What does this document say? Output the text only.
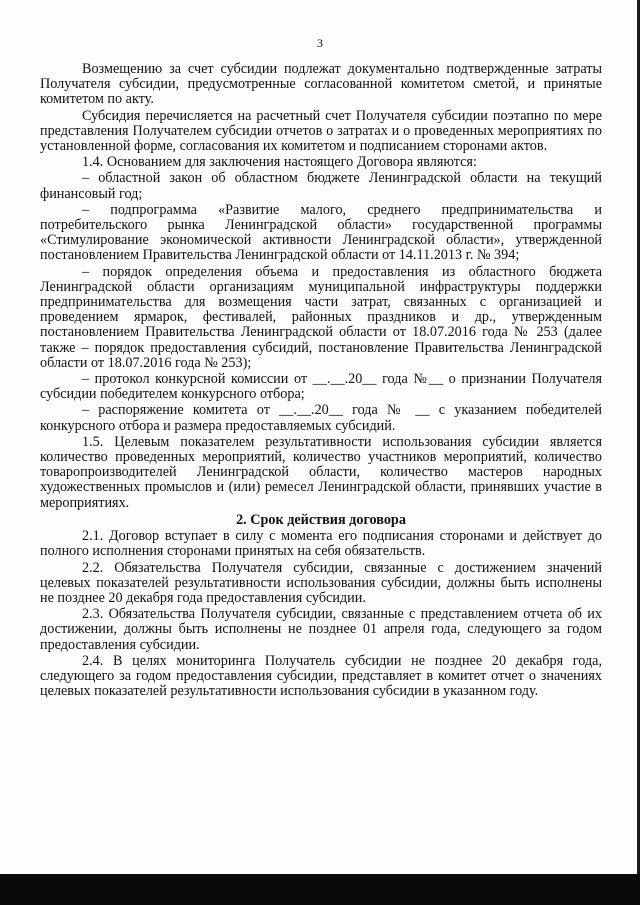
3

Возмещению за счет субсидии подлежат документально подтвержденные затраты Получателя субсидии, предусмотренные согласованной комитетом сметой, и принятые комитетом по акту.

Субсидия перечисляется на расчетный счет Получателя субсидии поэтапно по мере представления Получателем субсидии отчетов о затратах и о проведенных мероприятиях по установленной форме, согласования их комитетом и подписанием сторонами актов.

1.4. Основанием для заключения настоящего Договора являются:

– областной закон об областном бюджете Ленинградской области на текущий финансовый год;

– подпрограмма «Развитие малого, среднего предпринимательства и потребительского рынка Ленинградской области» государственной программы «Стимулирование экономической активности Ленинградской области», утвержденной постановлением Правительства Ленинградской области от 14.11.2013 г. № 394;

– порядок определения объема и предоставления из областного бюджета Ленинградской области организациям муниципальной инфраструктуры поддержки предпринимательства для возмещения части затрат, связанных с организацией и проведением ярмарок, фестивалей, районных праздников и др., утвержденным постановлением Правительства Ленинградской области от 18.07.2016 года № 253 (далее также – порядок предоставления субсидий, постановление Правительства Ленинградской области от 18.07.2016 года № 253);

– протокол конкурсной комиссии от __.__.20__ года №__ о признании Получателя субсидии победителем конкурсного отбора;

– распоряжение комитета от __.__.20__ года № __ с указанием победителей конкурсного отбора и размера предоставляемых субсидий.

1.5. Целевым показателем результативности использования субсидии является количество проведенных мероприятий, количество участников мероприятий, количество товаропроизводителей Ленинградской области, количество мастеров народных художественных промыслов и (или) ремесел Ленинградской области, принявших участие в мероприятиях.

2. Срок действия договора

2.1. Договор вступает в силу с момента его подписания сторонами и действует до полного исполнения сторонами принятых на себя обязательств.

2.2. Обязательства Получателя субсидии, связанные с достижением значений целевых показателей результативности использования субсидии, должны быть исполнены не позднее 20 декабря года предоставления субсидии.

2.3. Обязательства Получателя субсидии, связанные с представлением отчета об их достижении, должны быть исполнены не позднее 01 апреля года, следующего за годом предоставления субсидии.

2.4. В целях мониторинга Получатель субсидии не позднее 20 декабря года, следующего за годом предоставления субсидии, представляет в комитет отчет о значениях целевых показателей результативности использования субсидии в указанном году.
